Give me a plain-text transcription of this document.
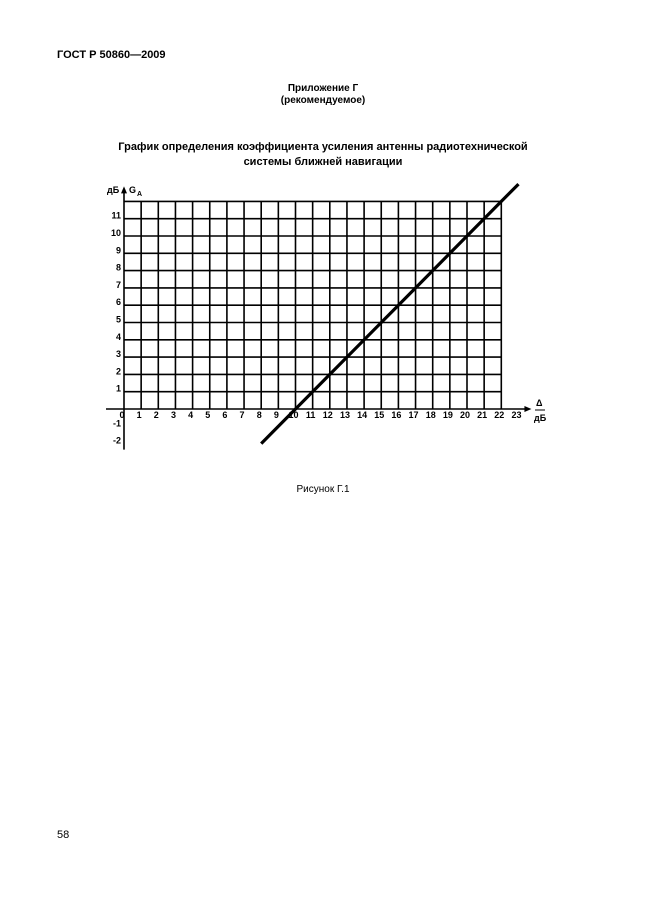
ГОСТ Р 50860—2009
Приложение Г
(рекомендуемое)
График определения коэффициента усиления антенны радиотехнической
системы ближней навигации
0 1 2 3 4 5 6 7 8 9 10 11 12 13 14 15 16 17 18 19 20 21 22 23
11
10
9
8
7
6
5
4
3
2
1
-1
-2
дБ G A
Δ
дБ
Рисунок Г.1
58
